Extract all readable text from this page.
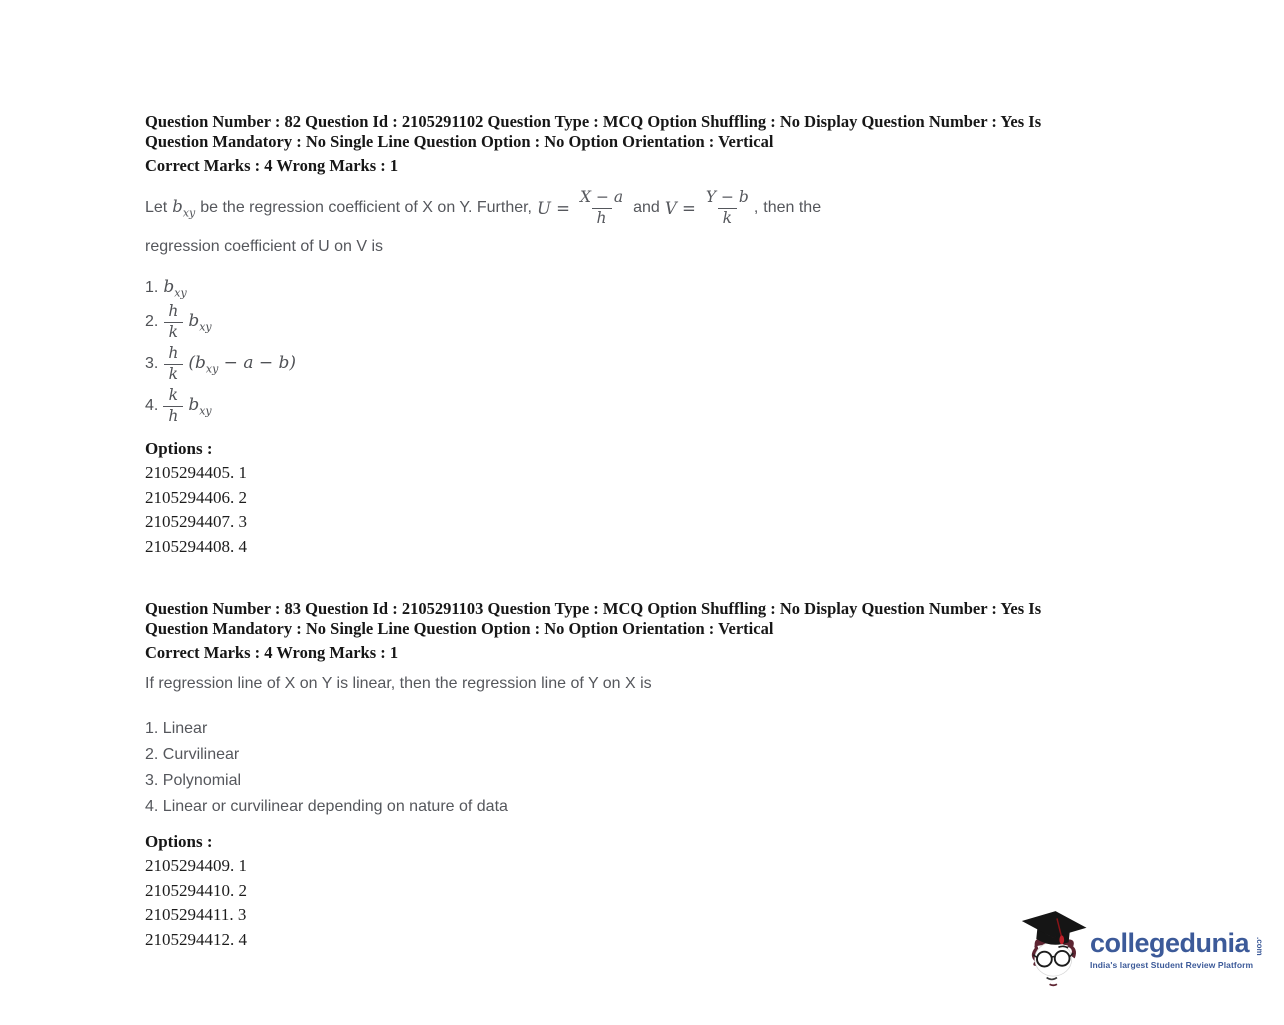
Question Number : 82 Question Id : 2105291102 Question Type : MCQ Option Shuffling : No Display Question Number : Yes Is
Question Mandatory : No Single Line Question Option : No Option Orientation : Vertical
Correct Marks : 4 Wrong Marks : 1
Let $b_{xy}$ be the regression coefficient of X on Y. Further, $U = \frac{X - a}{h}$ and $V = \frac{Y - b}{k}$ , then the
regression coefficient of U on V is
1. $b_{xy}$
2. $\frac{h}{k} b_{xy}$
3. $\frac{h}{k} (b_{xy} - a - b)$
4. $\frac{k}{h} b_{xy}$
Options :
2105294405. 1
2105294406. 2
2105294407. 3
2105294408. 4
Question Number : 83 Question Id : 2105291103 Question Type : MCQ Option Shuffling : No Display Question Number : Yes Is
Question Mandatory : No Single Line Question Option : No Option Orientation : Vertical
Correct Marks : 4 Wrong Marks : 1
If regression line of X on Y is linear, then the regression line of Y on X is
1. Linear
2. Curvilinear
3. Polynomial
4. Linear or curvilinear depending on nature of data
Options :
2105294409. 1
2105294410. 2
2105294411. 3
2105294412. 4	collegedunia .com
India's largest Student Review Platform
